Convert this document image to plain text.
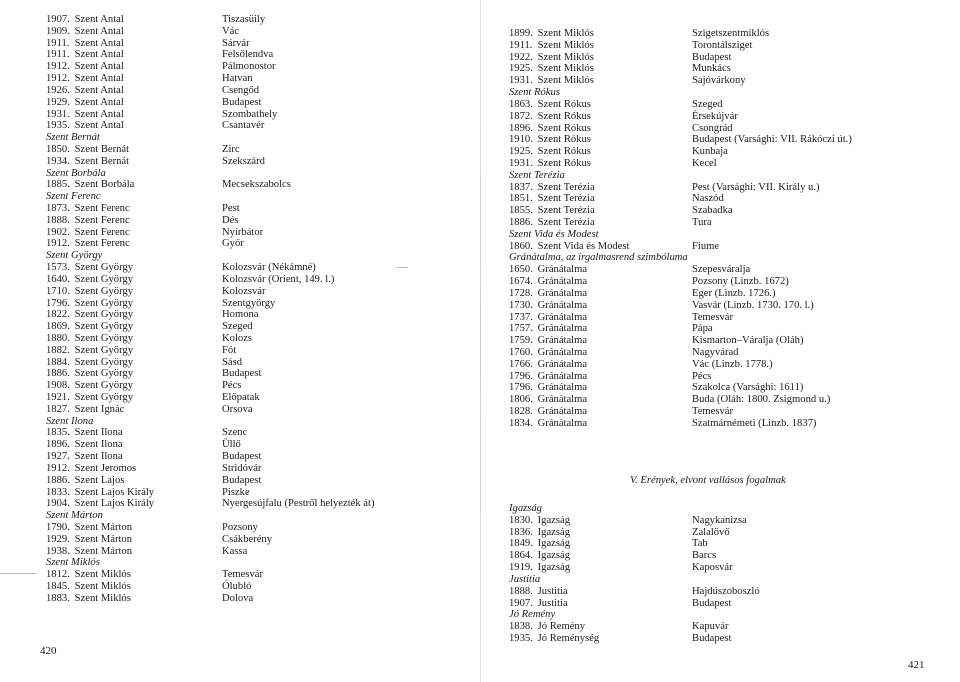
1907. Szent Antal
1909. Szent Antal
1911. Szent Antal
1911. Szent Antal
1912. Szent Antal
1912. Szent Antal
1926. Szent Antal
1929. Szent Antal
1931. Szent Antal
1935. Szent Antal
Szent Bernát
1850. Szent Bernát
1934. Szent Bernát
Szent Borbála
1885. Szent Borbála
Szent Ferenc
1873. Szent Ferenc
1888. Szent Ferenc
1902. Szent Ferenc
1912. Szent Ferenc
Szent György
1573. Szent György
1640. Szent György
1710. Szent György
1796. Szent György
1822. Szent György
1869. Szent György
1880. Szent György
1882. Szent György
1884. Szent György
1886. Szent György
1908. Szent György
1921. Szent György
1827. Szent Ignác
Szent Ilona
1835. Szent Ilona
1896. Szent Ilona
1927. Szent Ilona
1912. Szent Jeromos
1886. Szent Lajos
1833. Szent Lajos Király
1904. Szent Lajos Király
Szent Márton
1790. Szent Márton
1929. Szent Márton
1938. Szent Márton
Szent Miklós
1812. Szent Miklós
1845. Szent Miklós
1883. Szent Miklós
Tiszasüily
Vác
Sárvár
Felsőlendva
Pálmonostor
Hatvan
Csengőd
Budapest
Szombathely
Csantavér
Zirc
Szekszárd
Mecsekszabolcs
Pest
Dés
Nyírbátor
Győr
Kolozsvár (Nékámné)
Kolozsvár (Orient, 149. l.)
Kolozsvár
Szentgyörgy
Homona
Szeged
Kolozs
Fót
Sásd
Budapest
Pécs
Előpatak
Orsova
Szenc
Üllő
Budapest
Stridóvár
Budapest
Piszke
Nyergesújfalu (Pestről helyezték át)
Pozsony
Csákberény
Kassa
Temesvár
Ólubló
Dolova
420
1899. Szent Miklós
1911. Szent Miklós
1922. Szent Miklós
1925. Szent Miklós
1931. Szent Miklós
Szent Rókus
1863. Szent Rókus
1872. Szent Rókus
1896. Szent Rókus
1910. Szent Rókus
1925. Szent Rókus
1931. Szent Rókus
Szent Terézia
1837. Szent Terézia
1851. Szent Terézia
1855. Szent Terézia
1886. Szent Terézia
Szent Vida és Modest
1860. Szent Vida és Modest
Gránátalma, az irgalmasrend szimbóluma
1650. Gránátalma
1674. Gránátalma
1728. Gránátalma
1730. Gránátalma
1737. Gránátalma
1757. Gránátalma
1759. Gránátalma
1760. Gránátalma
1766. Gránátalma
1796. Gránátalma
1796. Gránátalma
1806. Gránátalma
1828. Gránátalma
1834. Gránátalma
Szigetszentmiklós
Torontálsziget
Budapest
Munkács
Sajóvárkony
Szeged
Érsekújvár
Csongrád
Budapest (Varsághi: VII. Rákóczi út.)
Kunbaja
Kecel
Pest (Varsághi: VII. Király u.)
Naszód
Szabadka
Tura
Fiume
Szepesváralja
Pozsony (Linzb. 1672)
Eger (Linzb. 1726.)
Vasvár (Linzb. 1730. 170. l.)
Temesvár
Pápa
Kismarton–Váralja (Oláh)
Nagyvárad
Vác (Linzb. 1778.)
Pécs
Szakolca (Varsághi: 1611)
Buda (Oláh: 1800. Zsigmond u.)
Temesvár
Szatmárnémeti (Linzb. 1837)
V. Erények, elvont vallásos fogalmak
Igazság
1830. Igazság
1836. Igazság
1849. Igazság
1864. Igazság
1919. Igazság
Justitia
1888. Justitia
1907. Justitia
Jó Remény
1838. Jó Remény
1935. Jó Reménység
Nagykanizsa
Zalalövő
Tab
Barcs
Kaposvár
Hajdúszoboszló
Budapest
Kapuvár
Budapest
421
